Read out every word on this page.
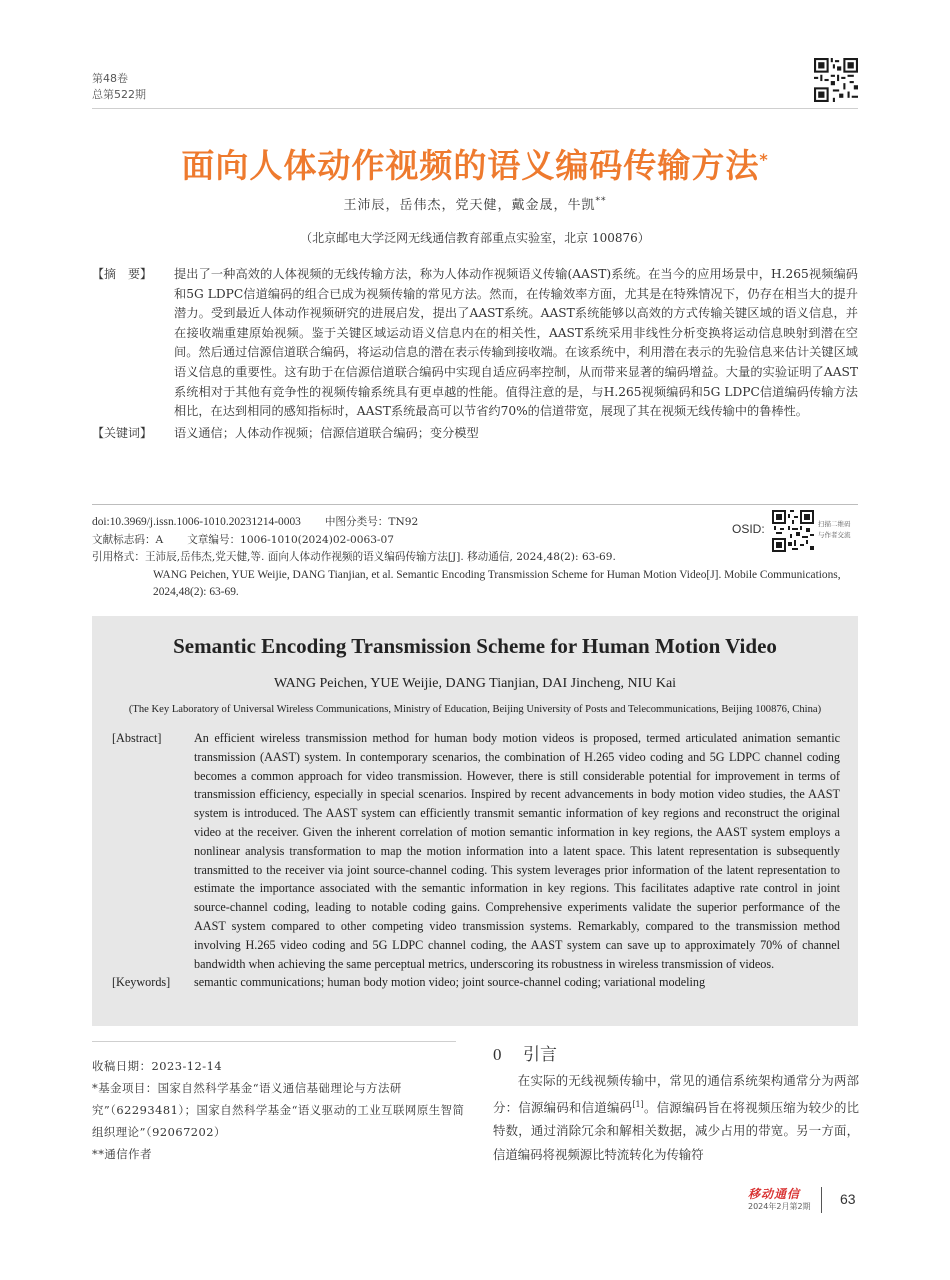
第48卷
总第522期
面向人体动作视频的语义编码传输方法*
王沛辰，岳伟杰，党天健，戴金晟，牛凯**
（北京邮电大学泛网无线通信教育部重点实验室，北京 100876）
【摘　要】	提出了一种高效的人体视频的无线传输方法，称为人体动作视频语义传输(AAST)系统。在当今的应用场景中，H.265视频编码和5G LDPC信道编码的组合已成为视频传输的常见方法。然而，在传输效率方面，尤其是在特殊情况下，仍存在相当大的提升潜力。受到最近人体动作视频研究的进展启发，提出了AAST系统。AAST系统能够以高效的方式传输关键区域的语义信息，并在接收端重建原始视频。鉴于关键区域运动语义信息内在的相关性，AAST系统采用非线性分析变换将运动信息映射到潜在空间。然后通过信源信道联合编码，将运动信息的潜在表示传输到接收端。在该系统中，利用潜在表示的先验信息来估计关键区域语义信息的重要性。这有助于在信源信道联合编码中实现自适应码率控制，从而带来显著的编码增益。大量的实验证明了AAST系统相对于其他有竞争性的视频传输系统具有更卓越的性能。值得注意的是，与H.265视频编码和5G LDPC信道编码传输方法相比，在达到相同的感知指标时，AAST系统最高可以节省约70%的信道带宽，展现了其在视频无线传输中的鲁棒性。
【关键词】	语义通信；人体动作视频；信源信道联合编码；变分模型
doi:10.3969/j.issn.1006-1010.20231214-0003 中图分类号：TN92
文献标志码：A 文章编号：1006-1010(2024)02-0063-07
引用格式：王沛辰,岳伟杰,党天健,等. 面向人体动作视频的语义编码传输方法[J]. 移动通信, 2024,48(2): 63-69.
WANG Peichen, YUE Weijie, DANG Tianjian, et al. Semantic Encoding Transmission Scheme for Human Motion Video[J]. Mobile Communications, 2024,48(2): 63-69.
OSID:	扫描二维码
与作者交流
Semantic Encoding Transmission Scheme for Human Motion Video
WANG Peichen, YUE Weijie, DANG Tianjian, DAI Jincheng, NIU Kai
(The Key Laboratory of Universal Wireless Communications, Ministry of Education, Beijing University of Posts and Telecommunications, Beijing 100876, China)
[Abstract]	An efficient wireless transmission method for human body motion videos is proposed, termed articulated animation semantic transmission (AAST) system. In contemporary scenarios, the combination of H.265 video coding and 5G LDPC channel coding becomes a common approach for video transmission. However, there is still considerable potential for improvement in terms of transmission efficiency, especially in special scenarios. Inspired by recent advancements in body motion video studies, the AAST system is introduced. The AAST system can efficiently transmit semantic information of key regions and reconstruct the original video at the receiver. Given the inherent correlation of motion semantic information in key regions, the AAST system employs a nonlinear analysis transformation to map the motion information into a latent space. This latent representation is subsequently transmitted to the receiver via joint source-channel coding. This system leverages prior information of the latent representation to estimate the importance associated with the semantic information in key regions. This facilitates adaptive rate control in joint source-channel coding, leading to notable coding gains. Comprehensive experiments validate the superior performance of the AAST system compared to other competing video transmission systems. Remarkably, compared to the transmission method involving H.265 video coding and 5G LDPC channel coding, the AAST system can save up to approximately 70% of channel bandwidth when achieving the same perceptual metrics, underscoring its robustness in wireless transmission of videos.
[Keywords]	semantic communications; human body motion video; joint source-channel coding; variational modeling
收稿日期：2023-12-14
*基金项目：国家自然科学基金“语义通信基础理论与方法研究”（62293481）；国家自然科学基金“语义驱动的工业互联网原生智简组织理论”（92067202）
**通信作者
0 引言
在实际的无线视频传输中，常见的通信系统架构通常分为两部分：信源编码和信道编码[1]。信源编码旨在将视频压缩为较少的比特数，通过消除冗余和解相关数据，减少占用的带宽。另一方面，信道编码将视频源比特流转化为传输符
移动通信
2024年2月第2期 63
